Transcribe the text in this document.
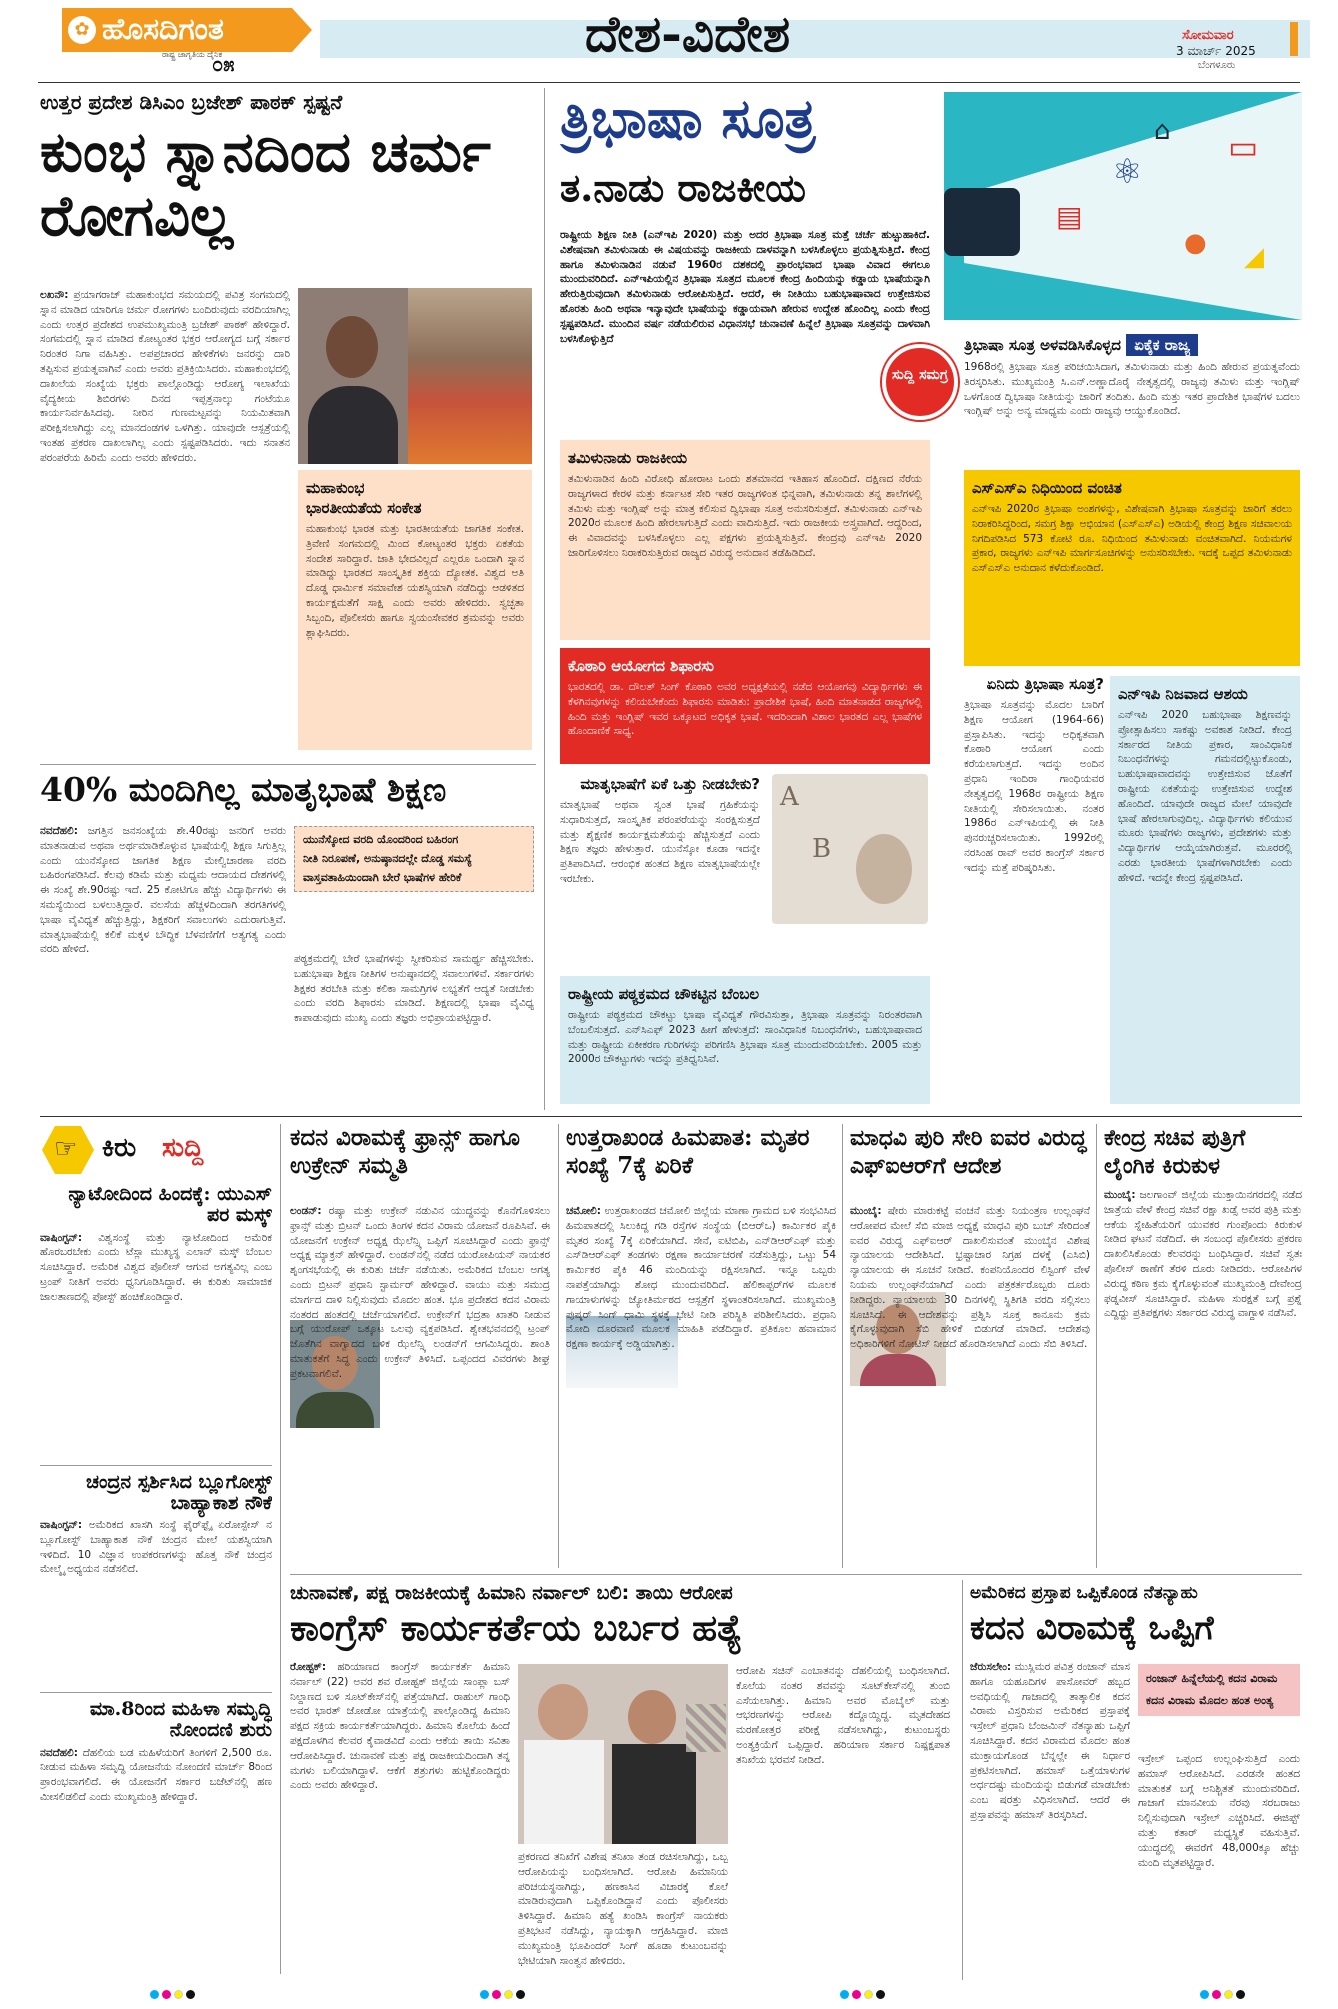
✿ ಹೊಸದಿಗಂತ
ರಾಷ್ಟ್ರ ಜಾಗೃತಿಯ ದೈನಿಕ
೦೫
ದೇಶ-ವಿದೇಶ	ಸೋಮವಾರ
3 ಮಾರ್ಚ್ 2025
ಬೆಂಗಳೂರು
ಉತ್ತರ ಪ್ರದೇಶ ಡಿಸಿಎಂ ಬ್ರಜೇಶ್ ಪಾಠಕ್ ಸ್ಪಷ್ಟನೆ
ಕುಂಭ ಸ್ನಾನದಿಂದ ಚರ್ಮ ರೋಗವಿಲ್ಲ

ಲಖನೌ: ಪ್ರಯಾಗರಾಜ್ ಮಹಾಕುಂಭದ ಸಮಯದಲ್ಲಿ ಪವಿತ್ರ ಸಂಗಮದಲ್ಲಿ ಸ್ನಾನ ಮಾಡಿದ ಯಾರಿಗೂ ಚರ್ಮ ರೋಗಗಳು ಬಂದಿರುವುದು ವರದಿಯಾಗಿಲ್ಲ ಎಂದು ಉತ್ತರ ಪ್ರದೇಶದ ಉಪಮುಖ್ಯಮಂತ್ರಿ ಬ್ರಜೇಶ್ ಪಾಠಕ್ ಹೇಳಿದ್ದಾರೆ. ಸಂಗಮದಲ್ಲಿ ಸ್ನಾನ ಮಾಡಿದ ಕೋಟ್ಯಂತರ ಭಕ್ತರ ಆರೋಗ್ಯದ ಬಗ್ಗೆ ಸರ್ಕಾರ ನಿರಂತರ ನಿಗಾ ವಹಿಸಿತ್ತು. ಅಪಪ್ರಚಾರದ ಹೇಳಿಕೆಗಳು ಜನರನ್ನು ದಾರಿ ತಪ್ಪಿಸುವ ಪ್ರಯತ್ನವಾಗಿವೆ ಎಂದು ಅವರು ಪ್ರತಿಕ್ರಿಯಿಸಿದರು. ಮಹಾಕುಂಭದಲ್ಲಿ ದಾಖಲೆಯ ಸಂಖ್ಯೆಯ ಭಕ್ತರು ಪಾಲ್ಗೊಂಡಿದ್ದು ಆರೋಗ್ಯ ಇಲಾಖೆಯ ವೈದ್ಯಕೀಯ ಶಿಬಿರಗಳು ದಿನದ ಇಪ್ಪತ್ತನಾಲ್ಕು ಗಂಟೆಯೂ ಕಾರ್ಯನಿರ್ವಹಿಸಿದವು. ನೀರಿನ ಗುಣಮಟ್ಟವನ್ನು ನಿಯಮಿತವಾಗಿ ಪರೀಕ್ಷಿಸಲಾಗಿದ್ದು ಎಲ್ಲ ಮಾನದಂಡಗಳ ಒಳಗಿತ್ತು. ಯಾವುದೇ ಆಸ್ಪತ್ರೆಯಲ್ಲಿ ಇಂತಹ ಪ್ರಕರಣ ದಾಖಲಾಗಿಲ್ಲ ಎಂದು ಸ್ಪಷ್ಟಪಡಿಸಿದರು. ಇದು ಸನಾತನ ಪರಂಪರೆಯ ಹಿರಿಮೆ ಎಂದು ಅವರು ಹೇಳಿದರು.

ಮಹಾಕುಂಭ ಭಾರತೀಯತೆಯ ಸಂಕೇತ

ಮಹಾಕುಂಭ ಭಾರತ ಮತ್ತು ಭಾರತೀಯತೆಯ ಜಾಗತಿಕ ಸಂಕೇತ. ತ್ರಿವೇಣಿ ಸಂಗಮದಲ್ಲಿ ಮಿಂದ ಕೋಟ್ಯಂತರ ಭಕ್ತರು ಏಕತೆಯ ಸಂದೇಶ ಸಾರಿದ್ದಾರೆ. ಜಾತಿ ಭೇದವಿಲ್ಲದೆ ಎಲ್ಲರೂ ಒಂದಾಗಿ ಸ್ನಾನ ಮಾಡಿದ್ದು ಭಾರತದ ಸಾಂಸ್ಕೃತಿಕ ಶಕ್ತಿಯ ದ್ಯೋತಕ. ವಿಶ್ವದ ಅತಿ ದೊಡ್ಡ ಧಾರ್ಮಿಕ ಸಮಾವೇಶ ಯಶಸ್ವಿಯಾಗಿ ನಡೆದಿದ್ದು ಆಡಳಿತದ ಕಾರ್ಯಕ್ಷಮತೆಗೆ ಸಾಕ್ಷಿ ಎಂದು ಅವರು ಹೇಳಿದರು. ಸ್ವಚ್ಛತಾ ಸಿಬ್ಬಂದಿ, ಪೊಲೀಸರು ಹಾಗೂ ಸ್ವಯಂಸೇವಕರ ಶ್ರಮವನ್ನು ಅವರು ಶ್ಲಾಘಿಸಿದರು.

40% ಮಂದಿಗಿಲ್ಲ ಮಾತೃಭಾಷೆ ಶಿಕ್ಷಣ

ನವದೆಹಲಿ: ಜಗತ್ತಿನ ಜನಸಂಖ್ಯೆಯ ಶೇ.40ರಷ್ಟು ಜನರಿಗೆ ಅವರು ಮಾತನಾಡುವ ಅಥವಾ ಅರ್ಥಮಾಡಿಕೊಳ್ಳುವ ಭಾಷೆಯಲ್ಲಿ ಶಿಕ್ಷಣ ಸಿಗುತ್ತಿಲ್ಲ ಎಂದು ಯುನೆಸ್ಕೋದ ಜಾಗತಿಕ ಶಿಕ್ಷಣ ಮೇಲ್ವಿಚಾರಣಾ ವರದಿ ಬಹಿರಂಗಪಡಿಸಿದೆ. ಕೆಲವು ಕಡಿಮೆ ಮತ್ತು ಮಧ್ಯಮ ಆದಾಯದ ದೇಶಗಳಲ್ಲಿ ಈ ಸಂಖ್ಯೆ ಶೇ.90ರಷ್ಟು ಇದೆ. 25 ಕೋಟಿಗೂ ಹೆಚ್ಚು ವಿದ್ಯಾರ್ಥಿಗಳು ಈ ಸಮಸ್ಯೆಯಿಂದ ಬಳಲುತ್ತಿದ್ದಾರೆ. ವಲಸೆಯ ಹೆಚ್ಚಳದಿಂದಾಗಿ ತರಗತಿಗಳಲ್ಲಿ ಭಾಷಾ ವೈವಿಧ್ಯತೆ ಹೆಚ್ಚುತ್ತಿದ್ದು, ಶಿಕ್ಷಕರಿಗೆ ಸವಾಲುಗಳು ಎದುರಾಗುತ್ತಿವೆ. ಮಾತೃಭಾಷೆಯಲ್ಲಿ ಕಲಿಕೆ ಮಕ್ಕಳ ಬೌದ್ಧಿಕ ಬೆಳವಣಿಗೆಗೆ ಅತ್ಯಗತ್ಯ ಎಂದು ವರದಿ ಹೇಳಿದೆ.

ಯುನೆಸ್ಕೋದ ವರದಿ ಯೊಂದರಿಂದ ಬಹಿರಂಗ
ನೀತಿ ನಿರೂಪಣೆ, ಅನುಷ್ಠಾನದಲ್ಲೇ ದೊಡ್ಡ ಸಮಸ್ಯೆ
ವಾಸ್ತವತಾಹಿಯಿಂದಾಗಿ ಬೇರೆ ಭಾಷೆಗಳ ಹೇರಿಕೆ

ಪಠ್ಯಕ್ರಮದಲ್ಲಿ ಬೇರೆ ಭಾಷೆಗಳನ್ನು ಸ್ವೀಕರಿಸುವ ಸಾಮರ್ಥ್ಯ ಹೆಚ್ಚಿಸಬೇಕು. ಬಹುಭಾಷಾ ಶಿಕ್ಷಣ ನೀತಿಗಳ ಅನುಷ್ಠಾನದಲ್ಲಿ ಸವಾಲುಗಳಿವೆ. ಸರ್ಕಾರಗಳು ಶಿಕ್ಷಕರ ತರಬೇತಿ ಮತ್ತು ಕಲಿಕಾ ಸಾಮಗ್ರಿಗಳ ಲಭ್ಯತೆಗೆ ಆದ್ಯತೆ ನೀಡಬೇಕು ಎಂದು ವರದಿ ಶಿಫಾರಸು ಮಾಡಿದೆ. ಶಿಕ್ಷಣದಲ್ಲಿ ಭಾಷಾ ವೈವಿಧ್ಯ ಕಾಪಾಡುವುದು ಮುಖ್ಯ ಎಂದು ತಜ್ಞರು ಅಭಿಪ್ರಾಯಪಟ್ಟಿದ್ದಾರೆ.

ತ್ರಿಭಾಷಾ ಸೂತ್ರ
ತ.ನಾಡು ರಾಜಕೀಯ	⚛
▭
▤
● ◢
⌂

ರಾಷ್ಟ್ರೀಯ ಶಿಕ್ಷಣ ನೀತಿ (ಎನ್‌ಇಪಿ 2020) ಮತ್ತು ಅದರ ತ್ರಿಭಾಷಾ ಸೂತ್ರ ಮತ್ತೆ ಚರ್ಚೆ ಹುಟ್ಟುಹಾಕಿದೆ. ವಿಶೇಷವಾಗಿ ತಮಿಳುನಾಡು ಈ ವಿಷಯವನ್ನು ರಾಜಕೀಯ ದಾಳವನ್ನಾಗಿ ಬಳಸಿಕೊಳ್ಳಲು ಪ್ರಯತ್ನಿಸುತ್ತಿದೆ. ಕೇಂದ್ರ ಹಾಗೂ ತಮಿಳುನಾಡಿನ ನಡುವೆ 1960ರ ದಶಕದಲ್ಲಿ ಪ್ರಾರಂಭವಾದ ಭಾಷಾ ವಿವಾದ ಈಗಲೂ ಮುಂದುವರಿದಿದೆ. ಎನ್‌ಇಪಿಯಲ್ಲಿನ ತ್ರಿಭಾಷಾ ಸೂತ್ರದ ಮೂಲಕ ಕೇಂದ್ರ ಹಿಂದಿಯನ್ನು ಕಡ್ಡಾಯ ಭಾಷೆಯನ್ನಾಗಿ ಹೇರುತ್ತಿರುವುದಾಗಿ ತಮಿಳುನಾಡು ಆರೋಪಿಸುತ್ತಿದೆ. ಆದರೆ, ಈ ನೀತಿಯು ಬಹುಭಾಷಾವಾದ ಉತ್ತೇಜಿಸುವ ಹೊರತು ಹಿಂದಿ ಅಥವಾ ಇನ್ಯಾವುದೇ ಭಾಷೆಯನ್ನು ಕಡ್ಡಾಯವಾಗಿ ಹೇರುವ ಉದ್ದೇಶ ಹೊಂದಿಲ್ಲ ಎಂದು ಕೇಂದ್ರ ಸ್ಪಷ್ಟಪಡಿಸಿದೆ. ಮುಂದಿನ ವರ್ಷ ನಡೆಯಲಿರುವ ವಿಧಾನಸಭೆ ಚುನಾವಣೆ ಹಿನ್ನೆಲೆ ತ್ರಿಭಾಷಾ ಸೂತ್ರವನ್ನು ದಾಳವಾಗಿ ಬಳಸಿಕೊಳ್ಳುತ್ತಿದೆ

ಸುದ್ದಿ ಸಮಗ್ರ
ತ್ರಿಭಾಷಾ ಸೂತ್ರ ಅಳವಡಿಸಿಕೊಳ್ಳದ ಏಕೈಕ ರಾಜ್ಯ

1968ರಲ್ಲಿ ತ್ರಿಭಾಷಾ ಸೂತ್ರ ಪರಿಚಯಿಸಿದಾಗ, ತಮಿಳುನಾಡು ಮತ್ತು ಹಿಂದಿ ಹೇರುವ ಪ್ರಯತ್ನವೆಂದು ತಿರಸ್ಕರಿಸಿತು. ಮುಖ್ಯಮಂತ್ರಿ ಸಿ.ಎನ್.ಅಣ್ಣಾದೊರೈ ನೇತೃತ್ವದಲ್ಲಿ ರಾಜ್ಯವು ತಮಿಳು ಮತ್ತು ಇಂಗ್ಲಿಷ್ ಒಳಗೊಂಡ ದ್ವಿಭಾಷಾ ನೀತಿಯನ್ನು ಜಾರಿಗೆ ತಂದಿತು. ಹಿಂದಿ ಮತ್ತು ಇತರ ಪ್ರಾದೇಶಿಕ ಭಾಷೆಗಳ ಬದಲು ಇಂಗ್ಲಿಷ್ ಅನ್ನು ಅನ್ಯ ಮಾಧ್ಯಮ ಎಂದು ರಾಜ್ಯವು ಆಯ್ದುಕೊಂಡಿದೆ.

ತಮಿಳುನಾಡು ರಾಜಕೀಯ

ತಮಿಳುನಾಡಿನ ಹಿಂದಿ ವಿರೋಧಿ ಹೋರಾಟ ಒಂದು ಶತಮಾನದ ಇತಿಹಾಸ ಹೊಂದಿದೆ. ದಕ್ಷಿಣದ ನೆರೆಯ ರಾಜ್ಯಗಳಾದ ಕೇರಳ ಮತ್ತು ಕರ್ನಾಟಕ ಸೇರಿ ಇತರ ರಾಜ್ಯಗಳಿಂತ ಭಿನ್ನವಾಗಿ, ತಮಿಳುನಾಡು ತನ್ನ ಶಾಲೆಗಳಲ್ಲಿ ತಮಿಳು ಮತ್ತು ಇಂಗ್ಲಿಷ್ ಅನ್ನು ಮಾತ್ರ ಕಲಿಸುವ ದ್ವಿಭಾಷಾ ಸೂತ್ರ ಅನುಸರಿಸುತ್ತದೆ. ತಮಿಳುನಾಡು ಎನ್‌ಇಪಿ 2020ರ ಮೂಲಕ ಹಿಂದಿ ಹೇರಲಾಗುತ್ತಿದೆ ಎಂದು ವಾದಿಸುತ್ತಿದೆ. ಇದು ರಾಜಕೀಯ ಅಸ್ತ್ರವಾಗಿದೆ. ಆದ್ದರಿಂದ, ಈ ವಿವಾದವನ್ನು ಬಳಸಿಕೊಳ್ಳಲು ಎಲ್ಲ ಪಕ್ಷಗಳು ಪ್ರಯತ್ನಿಸುತ್ತಿವೆ. ಕೇಂದ್ರವು ಎನ್‌ಇಪಿ 2020 ಜಾರಿಗೊಳಿಸಲು ನಿರಾಕರಿಸುತ್ತಿರುವ ರಾಜ್ಯದ ವಿರುದ್ಧ ಅನುದಾನ ತಡೆಹಿಡಿದಿದೆ.

ಎಸ್‌ಎಸ್‌ಎ ನಿಧಿಯಿಂದ ವಂಚಿತ

ಎನ್‌ಇಪಿ 2020ರ ತ್ರಿಭಾಷಾ ಅಂಶಗಳನ್ನು, ವಿಶೇಷವಾಗಿ ತ್ರಿಭಾಷಾ ಸೂತ್ರವನ್ನು ಜಾರಿಗೆ ತರಲು ನಿರಾಕರಿಸಿದ್ದರಿಂದ, ಸಮಗ್ರ ಶಿಕ್ಷಾ ಅಭಿಯಾನ (ಎಸ್‌ಎಸ್‌ಎ) ಅಡಿಯಲ್ಲಿ ಕೇಂದ್ರ ಶಿಕ್ಷಣ ಸಚಿವಾಲಯ ನಿಗದಿಪಡಿಸಿದ 573 ಕೋಟಿ ರೂ. ನಿಧಿಯಿಂದ ತಮಿಳುನಾಡು ವಂಚಿತವಾಗಿದೆ. ನಿಯಮಗಳ ಪ್ರಕಾರ, ರಾಜ್ಯಗಳು ಎನ್‌ಇಪಿ ಮಾರ್ಗಸೂಚಿಗಳನ್ನು ಅನುಸರಿಸಬೇಕು. ಇದಕ್ಕೆ ಒಪ್ಪದ ತಮಿಳುನಾಡು ಎಸ್‌ಎಸ್‌ಎ ಅನುದಾನ ಕಳೆದುಕೊಂಡಿದೆ.

ಕೊಠಾರಿ ಆಯೋಗದ ಶಿಫಾರಸು

ಭಾರತದಲ್ಲಿ ಡಾ. ದೌಲತ್ ಸಿಂಗ್ ಕೊಠಾರಿ ಅವರ ಅಧ್ಯಕ್ಷತೆಯಲ್ಲಿ ನಡೆದ ಆಯೋಗವು ವಿದ್ಯಾರ್ಥಿಗಳು ಈ ಕೆಳಗಿನವುಗಳನ್ನು ಕಲಿಯಬೇಕೆಂದು ಶಿಫಾರಸು ಮಾಡಿತು: ಪ್ರಾದೇಶಿಕ ಭಾಷೆ, ಹಿಂದಿ ಮಾತನಾಡದ ರಾಜ್ಯಗಳಲ್ಲಿ ಹಿಂದಿ ಮತ್ತು ಇಂಗ್ಲಿಷ್ ಇವರ ಒಕ್ಕೂಟದ ಅಧಿಕೃತ ಭಾಷೆ. ಇದರಿಂದಾಗಿ ವಿಶಾಲ ಭಾರತದ ಎಲ್ಲ ಭಾಷೆಗಳ ಹೊಂದಾಣಿಕೆ ಸಾಧ್ಯ.

ಏನಿದು ತ್ರಿಭಾಷಾ ಸೂತ್ರ?

ತ್ರಿಭಾಷಾ ಸೂತ್ರವನ್ನು ಮೊದಲ ಬಾರಿಗೆ ಶಿಕ್ಷಣ ಆಯೋಗ (1964-66) ಪ್ರಸ್ತಾಪಿಸಿತು. ಇದನ್ನು ಅಧಿಕೃತವಾಗಿ ಕೊಠಾರಿ ಆಯೋಗ ಎಂದು ಕರೆಯಲಾಗುತ್ತದೆ. ಇದನ್ನು ಅಂದಿನ ಪ್ರಧಾನಿ ಇಂದಿರಾ ಗಾಂಧಿಯವರ ನೇತೃತ್ವದಲ್ಲಿ 1968ರ ರಾಷ್ಟ್ರೀಯ ಶಿಕ್ಷಣ ನೀತಿಯಲ್ಲಿ ಸೇರಿಸಲಾಯಿತು. ನಂತರ 1986ರ ಎನ್‌ಇಪಿಯಲ್ಲಿ ಈ ನೀತಿ ಪುನರುಚ್ಚರಿಸಲಾಯಿತು. 1992ರಲ್ಲಿ ನರಸಿಂಹ ರಾವ್ ಅವರ ಕಾಂಗ್ರೆಸ್ ಸರ್ಕಾರ ಇದನ್ನು ಮತ್ತೆ ಪರಿಷ್ಕರಿಸಿತು.

ಎನ್‌ಇಪಿ ನಿಜವಾದ ಆಶಯ

ಎನ್‌ಇಪಿ 2020 ಬಹುಭಾಷಾ ಶಿಕ್ಷಣವನ್ನು ಪ್ರೋತ್ಸಾಹಿಸಲು ಸಾಕಷ್ಟು ಅವಕಾಶ ನೀಡಿದೆ. ಕೇಂದ್ರ ಸರ್ಕಾರದ ನೀತಿಯ ಪ್ರಕಾರ, ಸಾಂವಿಧಾನಿಕ ನಿಬಂಧನೆಗಳನ್ನು ಗಮನದಲ್ಲಿಟ್ಟುಕೊಂಡು, ಬಹುಭಾಷಾವಾದವನ್ನು ಉತ್ತೇಜಿಸುವ ಜೊತೆಗೆ ರಾಷ್ಟ್ರೀಯ ಏಕತೆಯನ್ನು ಉತ್ತೇಜಿಸುವ ಉದ್ದೇಶ ಹೊಂದಿದೆ. ಯಾವುದೇ ರಾಜ್ಯದ ಮೇಲೆ ಯಾವುದೇ ಭಾಷೆ ಹೇರಲಾಗುವುದಿಲ್ಲ. ವಿದ್ಯಾರ್ಥಿಗಳು ಕಲಿಯುವ ಮೂರು ಭಾಷೆಗಳು ರಾಜ್ಯಗಳು, ಪ್ರದೇಶಗಳು ಮತ್ತು ವಿದ್ಯಾರ್ಥಿಗಳ ಆಯ್ಕೆಯಾಗಿರುತ್ತವೆ. ಮೂರರಲ್ಲಿ ಎರಡು ಭಾರತೀಯ ಭಾಷೆಗಳಾಗಿರಬೇಕು ಎಂದು ಹೇಳಿದೆ. ಇದನ್ನೇ ಕೇಂದ್ರ ಸ್ಪಷ್ಟಪಡಿಸಿದೆ.

ಮಾತೃಭಾಷೆಗೆ ಏಕೆ ಒತ್ತು ನೀಡಬೇಕು?

ಮಾತೃಭಾಷೆ ಅಥವಾ ಸ್ವಂತ ಭಾಷೆ ಗ್ರಹಿಕೆಯನ್ನು ಸುಧಾರಿಸುತ್ತದೆ, ಸಾಂಸ್ಕೃತಿಕ ಪರಂಪರೆಯನ್ನು ಸಂರಕ್ಷಿಸುತ್ತದೆ ಮತ್ತು ಶೈಕ್ಷಣಿಕ ಕಾರ್ಯಕ್ಷಮತೆಯನ್ನು ಹೆಚ್ಚಿಸುತ್ತದೆ ಎಂದು ಶಿಕ್ಷಣ ತಜ್ಞರು ಹೇಳುತ್ತಾರೆ. ಯುನೆಸ್ಕೋ ಕೂಡಾ ಇದನ್ನೇ ಪ್ರತಿಪಾದಿಸಿದೆ. ಆರಂಭಿಕ ಹಂತದ ಶಿಕ್ಷಣ ಮಾತೃಭಾಷೆಯಲ್ಲೇ ಇರಬೇಕು.

A
B
ರಾಷ್ಟ್ರೀಯ ಪಠ್ಯಕ್ರಮದ ಚೌಕಟ್ಟಿನ ಬೆಂಬಲ

ರಾಷ್ಟ್ರೀಯ ಪಠ್ಯಕ್ರಮದ ಚೌಕಟ್ಟು ಭಾಷಾ ವೈವಿಧ್ಯತೆ ಗೌರವಿಸುತ್ತಾ, ತ್ರಿಭಾಷಾ ಸೂತ್ರವನ್ನು ನಿರಂತರವಾಗಿ ಬೆಂಬಲಿಸುತ್ತದೆ. ಎನ್‌ಸಿಎಫ್ 2023 ಹೀಗೆ ಹೇಳುತ್ತದೆ: ಸಾಂವಿಧಾನಿಕ ನಿಬಂಧನೆಗಳು, ಬಹುಭಾಷಾವಾದ ಮತ್ತು ರಾಷ್ಟ್ರೀಯ ಏಕೀಕರಣ ಗುರಿಗಳನ್ನು ಪರಿಗಣಿಸಿ ತ್ರಿಭಾಷಾ ಸೂತ್ರ ಮುಂದುವರಿಯಬೇಕು. 2005 ಮತ್ತು 2000ರ ಚೌಕಟ್ಟುಗಳು ಇದನ್ನು ಪ್ರತಿಧ್ವನಿಸಿವೆ.

☞ ಕಿರು ಸುದ್ದಿ
ನ್ಯಾಟೋದಿಂದ ಹಿಂದಕ್ಕೆ: ಯುಎಸ್ ಪರ ಮಸ್ಕ್

ವಾಷಿಂಗ್ಟನ್: ವಿಶ್ವಸಂಸ್ಥೆ ಮತ್ತು ನ್ಯಾಟೋದಿಂದ ಅಮೆರಿಕ ಹೊರಬರಬೇಕು ಎಂದು ಟೆಸ್ಲಾ ಮುಖ್ಯಸ್ಥ ಎಲಾನ್ ಮಸ್ಕ್ ಬೆಂಬಲ ಸೂಚಿಸಿದ್ದಾರೆ. ಅಮೆರಿಕ ವಿಶ್ವದ ಪೊಲೀಸ್ ಆಗುವ ಅಗತ್ಯವಿಲ್ಲ ಎಂಬ ಟ್ರಂಪ್ ನೀತಿಗೆ ಅವರು ಧ್ವನಿಗೂಡಿಸಿದ್ದಾರೆ. ಈ ಕುರಿತು ಸಾಮಾಜಿಕ ಜಾಲತಾಣದಲ್ಲಿ ಪೋಸ್ಟ್ ಹಂಚಿಕೊಂಡಿದ್ದಾರೆ.

ಚಂದ್ರನ ಸ್ಪರ್ಶಿಸಿದ ಬ್ಲೂಗೋಸ್ಟ್ ಬಾಹ್ಯಾಕಾಶ ನೌಕೆ

ವಾಷಿಂಗ್ಟನ್: ಅಮೆರಿಕದ ಖಾಸಗಿ ಸಂಸ್ಥೆ ಫೈರ್‌ಫ್ಲೈ ಏರೋಸ್ಪೇಸ್ ನ ಬ್ಲೂಗೋಸ್ಟ್ ಬಾಹ್ಯಾಕಾಶ ನೌಕೆ ಚಂದ್ರನ ಮೇಲೆ ಯಶಸ್ವಿಯಾಗಿ ಇಳಿದಿದೆ. 10 ವಿಜ್ಞಾನ ಉಪಕರಣಗಳನ್ನು ಹೊತ್ತ ನೌಕೆ ಚಂದ್ರನ ಮೇಲ್ಮೈ ಅಧ್ಯಯನ ನಡೆಸಲಿದೆ.

ಮಾ.8ರಿಂದ ಮಹಿಳಾ ಸಮೃದ್ಧಿ ನೋಂದಣಿ ಶುರು

ನವದೆಹಲಿ: ದೆಹಲಿಯ ಬಡ ಮಹಿಳೆಯರಿಗೆ ತಿಂಗಳಿಗೆ 2,500 ರೂ. ನೀಡುವ ಮಹಿಳಾ ಸಮೃದ್ಧಿ ಯೋಜನೆಯ ನೋಂದಣಿ ಮಾರ್ಚ್ 8ರಿಂದ ಪ್ರಾರಂಭವಾಗಲಿದೆ. ಈ ಯೋಜನೆಗೆ ಸರ್ಕಾರ ಬಜೆಟ್‌ನಲ್ಲಿ ಹಣ ಮೀಸಲಿಡಲಿದೆ ಎಂದು ಮುಖ್ಯಮಂತ್ರಿ ಹೇಳಿದ್ದಾರೆ.

ಕದನ ವಿರಾಮಕ್ಕೆ ಫ್ರಾನ್ಸ್ ಹಾಗೂ ಉಕ್ರೇನ್ ಸಮ್ಮತಿ

ಲಂಡನ್: ರಷ್ಯಾ ಮತ್ತು ಉಕ್ರೇನ್ ನಡುವಿನ ಯುದ್ಧವನ್ನು ಕೊನೆಗೊಳಿಸಲು ಫ್ರಾನ್ಸ್ ಮತ್ತು ಬ್ರಿಟನ್ ಒಂದು ತಿಂಗಳ ಕದನ ವಿರಾಮ ಯೋಜನೆ ರೂಪಿಸಿವೆ. ಈ ಯೋಜನೆಗೆ ಉಕ್ರೇನ್ ಅಧ್ಯಕ್ಷ ಝೆಲೆನ್ಸ್ಕಿ ಒಪ್ಪಿಗೆ ಸೂಚಿಸಿದ್ದಾರೆ ಎಂದು ಫ್ರಾನ್ಸ್ ಅಧ್ಯಕ್ಷ ಮ್ಯಾಕ್ರನ್ ಹೇಳಿದ್ದಾರೆ. ಲಂಡನ್‌ನಲ್ಲಿ ನಡೆದ ಯುರೋಪಿಯನ್ ನಾಯಕರ ಶೃಂಗಸಭೆಯಲ್ಲಿ ಈ ಕುರಿತು ಚರ್ಚೆ ನಡೆಯಿತು. ಅಮೆರಿಕದ ಬೆಂಬಲ ಅಗತ್ಯ ಎಂದು ಬ್ರಿಟನ್ ಪ್ರಧಾನಿ ಸ್ಟಾರ್ಮರ್ ಹೇಳಿದ್ದಾರೆ. ವಾಯು ಮತ್ತು ಸಮುದ್ರ ಮಾರ್ಗದ ದಾಳಿ ನಿಲ್ಲಿಸುವುದು ಮೊದಲ ಹಂತ. ಭೂ ಪ್ರದೇಶದ ಕದನ ವಿರಾಮ ನಂತರದ ಹಂತದಲ್ಲಿ ಚರ್ಚೆಯಾಗಲಿದೆ. ಉಕ್ರೇನ್‌ಗೆ ಭದ್ರತಾ ಖಾತರಿ ನೀಡುವ ಬಗ್ಗೆ ಯುರೋಪ್ ಒಕ್ಕೂಟ ಒಲವು ವ್ಯಕ್ತಪಡಿಸಿದೆ. ಶ್ವೇತಭವನದಲ್ಲಿ ಟ್ರಂಪ್ ಜೊತೆಗಿನ ವಾಗ್ವಾದದ ಬಳಿಕ ಝೆಲೆನ್ಸ್ಕಿ ಲಂಡನ್‌ಗೆ ಆಗಮಿಸಿದ್ದರು. ಶಾಂತಿ ಮಾತುಕತೆಗೆ ಸಿದ್ಧ ಎಂದು ಉಕ್ರೇನ್ ತಿಳಿಸಿದೆ. ಒಪ್ಪಂದದ ವಿವರಗಳು ಶೀಘ್ರ ಪ್ರಕಟವಾಗಲಿವೆ.

ಉತ್ತರಾಖಂಡ ಹಿಮಪಾತ: ಮೃತರ ಸಂಖ್ಯೆ 7ಕ್ಕೆ ಏರಿಕೆ

ಚಮೋಲಿ: ಉತ್ತರಾಖಂಡದ ಚಮೋಲಿ ಜಿಲ್ಲೆಯ ಮಾಣಾ ಗ್ರಾಮದ ಬಳಿ ಸಂಭವಿಸಿದ ಹಿಮಪಾತದಲ್ಲಿ ಸಿಲುಕಿದ್ದ ಗಡಿ ರಸ್ತೆಗಳ ಸಂಸ್ಥೆಯ (ಬಿಆರ್‌ಒ) ಕಾರ್ಮಿಕರ ಪೈಕಿ ಮೃತರ ಸಂಖ್ಯೆ 7ಕ್ಕೆ ಏರಿಕೆಯಾಗಿದೆ. ಸೇನೆ, ಐಟಿಬಿಪಿ, ಎನ್‌ಡಿಆರ್‌ಎಫ್ ಮತ್ತು ಎಸ್‌ಡಿಆರ್‌ಎಫ್ ತಂಡಗಳು ರಕ್ಷಣಾ ಕಾರ್ಯಾಚರಣೆ ನಡೆಸುತ್ತಿದ್ದು, ಒಟ್ಟು 54 ಕಾರ್ಮಿಕರ ಪೈಕಿ 46 ಮಂದಿಯನ್ನು ರಕ್ಷಿಸಲಾಗಿದೆ. ಇನ್ನೂ ಒಬ್ಬರು ನಾಪತ್ತೆಯಾಗಿದ್ದು ಶೋಧ ಮುಂದುವರಿದಿದೆ. ಹೆಲಿಕಾಪ್ಟರ್‌ಗಳ ಮೂಲಕ ಗಾಯಾಳುಗಳನ್ನು ಜ್ಯೋತಿರ್ಮಠದ ಆಸ್ಪತ್ರೆಗೆ ಸ್ಥಳಾಂತರಿಸಲಾಗಿದೆ. ಮುಖ್ಯಮಂತ್ರಿ ಪುಷ್ಕರ್ ಸಿಂಗ್ ಧಾಮಿ ಸ್ಥಳಕ್ಕೆ ಭೇಟಿ ನೀಡಿ ಪರಿಸ್ಥಿತಿ ಪರಿಶೀಲಿಸಿದರು. ಪ್ರಧಾನಿ ಮೋದಿ ದೂರವಾಣಿ ಮೂಲಕ ಮಾಹಿತಿ ಪಡೆದಿದ್ದಾರೆ. ಪ್ರತಿಕೂಲ ಹವಾಮಾನ ರಕ್ಷಣಾ ಕಾರ್ಯಕ್ಕೆ ಅಡ್ಡಿಯಾಗಿತ್ತು.

ಮಾಧವಿ ಪುರಿ ಸೇರಿ ಐವರ ವಿರುದ್ಧ ಎಫ್‌ಐಆರ್‌ಗೆ ಆದೇಶ

ಮುಂಬೈ: ಷೇರು ಮಾರುಕಟ್ಟೆ ವಂಚನೆ ಮತ್ತು ನಿಯಂತ್ರಣ ಉಲ್ಲಂಘನೆ ಆರೋಪದ ಮೇಲೆ ಸೆಬಿ ಮಾಜಿ ಅಧ್ಯಕ್ಷೆ ಮಾಧವಿ ಪುರಿ ಬುಚ್ ಸೇರಿದಂತೆ ಐವರ ವಿರುದ್ಧ ಎಫ್‌ಐಆರ್ ದಾಖಲಿಸುವಂತೆ ಮುಂಬೈನ ವಿಶೇಷ ನ್ಯಾಯಾಲಯ ಆದೇಶಿಸಿದೆ. ಭ್ರಷ್ಟಾಚಾರ ನಿಗ್ರಹ ದಳಕ್ಕೆ (ಎಸಿಬಿ) ನ್ಯಾಯಾಲಯ ಈ ಸೂಚನೆ ನೀಡಿದೆ. ಕಂಪನಿಯೊಂದರ ಲಿಸ್ಟಿಂಗ್ ವೇಳೆ ನಿಯಮ ಉಲ್ಲಂಘನೆಯಾಗಿದೆ ಎಂದು ಪತ್ರಕರ್ತರೊಬ್ಬರು ದೂರು ನೀಡಿದ್ದರು. ನ್ಯಾಯಾಲಯ 30 ದಿನಗಳಲ್ಲಿ ಸ್ಥಿತಿಗತಿ ವರದಿ ಸಲ್ಲಿಸಲು ಸೂಚಿಸಿದೆ. ಈ ಆದೇಶವನ್ನು ಪ್ರಶ್ನಿಸಿ ಸೂಕ್ತ ಕಾನೂನು ಕ್ರಮ ಕೈಗೊಳ್ಳುವುದಾಗಿ ಸೆಬಿ ಹೇಳಿಕೆ ಬಿಡುಗಡೆ ಮಾಡಿದೆ. ಆದೇಶವು ಅಧಿಕಾರಿಗಳಿಗೆ ನೋಟಿಸ್ ನೀಡದೆ ಹೊರಡಿಸಲಾಗಿದೆ ಎಂದು ಸೆಬಿ ತಿಳಿಸಿದೆ.

ಕೇಂದ್ರ ಸಚಿವ ಪುತ್ರಿಗೆ ಲೈಂಗಿಕ ಕಿರುಕುಳ

ಮುಂಬೈ: ಜಲಗಾಂವ್ ಜಿಲ್ಲೆಯ ಮುಕ್ತಾಯಿನಗರದಲ್ಲಿ ನಡೆದ ಜಾತ್ರೆಯ ವೇಳೆ ಕೇಂದ್ರ ಸಚಿವೆ ರಕ್ಷಾ ಖಡ್ಸೆ ಅವರ ಪುತ್ರಿ ಮತ್ತು ಆಕೆಯ ಸ್ನೇಹಿತೆಯರಿಗೆ ಯುವಕರ ಗುಂಪೊಂದು ಕಿರುಕುಳ ನೀಡಿದ ಘಟನೆ ನಡೆದಿದೆ. ಈ ಸಂಬಂಧ ಪೊಲೀಸರು ಪ್ರಕರಣ ದಾಖಲಿಸಿಕೊಂಡು ಕೆಲವರನ್ನು ಬಂಧಿಸಿದ್ದಾರೆ. ಸಚಿವೆ ಸ್ವತಃ ಪೊಲೀಸ್ ಠಾಣೆಗೆ ತೆರಳಿ ದೂರು ನೀಡಿದರು. ಆರೋಪಿಗಳ ವಿರುದ್ಧ ಕಠಿಣ ಕ್ರಮ ಕೈಗೊಳ್ಳುವಂತೆ ಮುಖ್ಯಮಂತ್ರಿ ದೇವೇಂದ್ರ ಫಡ್ನವೀಸ್ ಸೂಚಿಸಿದ್ದಾರೆ. ಮಹಿಳಾ ಸುರಕ್ಷತೆ ಬಗ್ಗೆ ಪ್ರಶ್ನೆ ಎದ್ದಿದ್ದು ಪ್ರತಿಪಕ್ಷಗಳು ಸರ್ಕಾರದ ವಿರುದ್ಧ ವಾಗ್ದಾಳಿ ನಡೆಸಿವೆ.

ಚುನಾವಣೆ, ಪಕ್ಷ ರಾಜಕೀಯಕ್ಕೆ ಹಿಮಾನಿ ನರ್ವಾಲ್ ಬಲಿ: ತಾಯಿ ಆರೋಪ
ಕಾಂಗ್ರೆಸ್ ಕಾರ್ಯಕರ್ತೆಯ ಬರ್ಬರ ಹತ್ಯೆ

ರೋಹ್ಟಕ್: ಹರಿಯಾಣದ ಕಾಂಗ್ರೆಸ್ ಕಾರ್ಯಕರ್ತೆ ಹಿಮಾನಿ ನರ್ವಾಲ್ (22) ಅವರ ಶವ ರೋಹ್ಟಕ್ ಜಿಲ್ಲೆಯ ಸಾಂಪ್ಲಾ ಬಸ್ ನಿಲ್ದಾಣದ ಬಳಿ ಸೂಟ್‌ಕೇಸ್‌ನಲ್ಲಿ ಪತ್ತೆಯಾಗಿದೆ. ರಾಹುಲ್ ಗಾಂಧಿ ಅವರ ಭಾರತ್ ಜೋಡೋ ಯಾತ್ರೆಯಲ್ಲಿ ಪಾಲ್ಗೊಂಡಿದ್ದ ಹಿಮಾನಿ ಪಕ್ಷದ ಸಕ್ರಿಯ ಕಾರ್ಯಕರ್ತೆಯಾಗಿದ್ದರು. ಹಿಮಾನಿ ಕೊಲೆಯ ಹಿಂದೆ ಪಕ್ಷದೊಳಗಿನ ಕೆಲವರ ಕೈವಾಡವಿದೆ ಎಂದು ಆಕೆಯ ತಾಯಿ ಸವಿತಾ ಆರೋಪಿಸಿದ್ದಾರೆ. ಚುನಾವಣೆ ಮತ್ತು ಪಕ್ಷ ರಾಜಕೀಯದಿಂದಾಗಿ ತನ್ನ ಮಗಳು ಬಲಿಯಾಗಿದ್ದಾಳೆ. ಆಕೆಗೆ ಶತ್ರುಗಳು ಹುಟ್ಟಿಕೊಂಡಿದ್ದರು ಎಂದು ಅವರು ಹೇಳಿದ್ದಾರೆ.

ಪ್ರಕರಣದ ತನಿಖೆಗೆ ವಿಶೇಷ ತನಿಖಾ ತಂಡ ರಚಿಸಲಾಗಿದ್ದು, ಒಬ್ಬ ಆರೋಪಿಯನ್ನು ಬಂಧಿಸಲಾಗಿದೆ. ಆರೋಪಿ ಹಿಮಾನಿಯ ಪರಿಚಯಸ್ಥನಾಗಿದ್ದು, ಹಣಕಾಸಿನ ವಿಚಾರಕ್ಕೆ ಕೊಲೆ ಮಾಡಿರುವುದಾಗಿ ಒಪ್ಪಿಕೊಂಡಿದ್ದಾನೆ ಎಂದು ಪೊಲೀಸರು ತಿಳಿಸಿದ್ದಾರೆ. ಹಿಮಾನಿ ಹತ್ಯೆ ಖಂಡಿಸಿ ಕಾಂಗ್ರೆಸ್ ನಾಯಕರು ಪ್ರತಿಭಟನೆ ನಡೆಸಿದ್ದು, ನ್ಯಾಯಕ್ಕಾಗಿ ಆಗ್ರಹಿಸಿದ್ದಾರೆ. ಮಾಜಿ ಮುಖ್ಯಮಂತ್ರಿ ಭೂಪಿಂದರ್ ಸಿಂಗ್ ಹೂಡಾ ಕುಟುಂಬವನ್ನು ಭೇಟಿಯಾಗಿ ಸಾಂತ್ವನ ಹೇಳಿದರು.

ಆರೋಪಿ ಸಚಿನ್ ಎಂಬಾತನನ್ನು ದೆಹಲಿಯಲ್ಲಿ ಬಂಧಿಸಲಾಗಿದೆ. ಕೊಲೆಯ ನಂತರ ಶವವನ್ನು ಸೂಟ್‌ಕೇಸ್‌ನಲ್ಲಿ ತುಂಬಿ ಎಸೆಯಲಾಗಿತ್ತು. ಹಿಮಾನಿ ಅವರ ಮೊಬೈಲ್ ಮತ್ತು ಆಭರಣಗಳನ್ನು ಆರೋಪಿ ಕದ್ದೊಯ್ದಿದ್ದ. ಮೃತದೇಹದ ಮರಣೋತ್ತರ ಪರೀಕ್ಷೆ ನಡೆಸಲಾಗಿದ್ದು, ಕುಟುಂಬಸ್ಥರು ಅಂತ್ಯಕ್ರಿಯೆಗೆ ಒಪ್ಪಿದ್ದಾರೆ. ಹರಿಯಾಣ ಸರ್ಕಾರ ನಿಷ್ಪಕ್ಷಪಾತ ತನಿಖೆಯ ಭರವಸೆ ನೀಡಿದೆ.

ಅಮೆರಿಕದ ಪ್ರಸ್ತಾಪ ಒಪ್ಪಿಕೊಂಡ ನೆತನ್ಯಾಹು
ಕದನ ವಿರಾಮಕ್ಕೆ ಒಪ್ಪಿಗೆ

ಜೆರುಸಲೇಂ: ಮುಸ್ಲಿಮರ ಪವಿತ್ರ ರಂಜಾನ್ ಮಾಸ ಹಾಗೂ ಯಹೂದಿಗಳ ಪಾಸೋವರ್ ಹಬ್ಬದ ಅವಧಿಯಲ್ಲಿ ಗಾಜಾದಲ್ಲಿ ತಾತ್ಕಾಲಿಕ ಕದನ ವಿರಾಮ ವಿಸ್ತರಿಸುವ ಅಮೆರಿಕದ ಪ್ರಸ್ತಾಪಕ್ಕೆ ಇಸ್ರೇಲ್ ಪ್ರಧಾನಿ ಬೆಂಜಮಿನ್ ನೆತನ್ಯಾಹು ಒಪ್ಪಿಗೆ ಸೂಚಿಸಿದ್ದಾರೆ. ಕದನ ವಿರಾಮದ ಮೊದಲ ಹಂತ ಮುಕ್ತಾಯಗೊಂಡ ಬೆನ್ನಲ್ಲೇ ಈ ನಿರ್ಧಾರ ಪ್ರಕಟಿಸಲಾಗಿದೆ. ಹಮಾಸ್ ಒತ್ತೆಯಾಳುಗಳ ಅರ್ಧದಷ್ಟು ಮಂದಿಯನ್ನು ಬಿಡುಗಡೆ ಮಾಡಬೇಕು ಎಂಬ ಷರತ್ತು ವಿಧಿಸಲಾಗಿದೆ. ಆದರೆ ಈ ಪ್ರಸ್ತಾಪವನ್ನು ಹಮಾಸ್ ತಿರಸ್ಕರಿಸಿದೆ.

ರಂಜಾನ್ ಹಿನ್ನೆಲೆಯಲ್ಲಿ ಕದನ ವಿರಾಮ
ಕದನ ವಿರಾಮ ಮೊದಲ ಹಂತ ಅಂತ್ಯ

ಇಸ್ರೇಲ್ ಒಪ್ಪಂದ ಉಲ್ಲಂಘಿಸುತ್ತಿದೆ ಎಂದು ಹಮಾಸ್ ಆರೋಪಿಸಿದೆ. ಎರಡನೇ ಹಂತದ ಮಾತುಕತೆ ಬಗ್ಗೆ ಅನಿಶ್ಚಿತತೆ ಮುಂದುವರಿದಿದೆ. ಗಾಜಾಗೆ ಮಾನವೀಯ ನೆರವು ಸರಬರಾಜು ನಿಲ್ಲಿಸುವುದಾಗಿ ಇಸ್ರೇಲ್ ಎಚ್ಚರಿಸಿದೆ. ಈಜಿಪ್ಟ್ ಮತ್ತು ಕತಾರ್ ಮಧ್ಯಸ್ಥಿಕೆ ವಹಿಸುತ್ತಿವೆ. ಯುದ್ಧದಲ್ಲಿ ಈವರೆಗೆ 48,000ಕ್ಕೂ ಹೆಚ್ಚು ಮಂದಿ ಮೃತಪಟ್ಟಿದ್ದಾರೆ.
